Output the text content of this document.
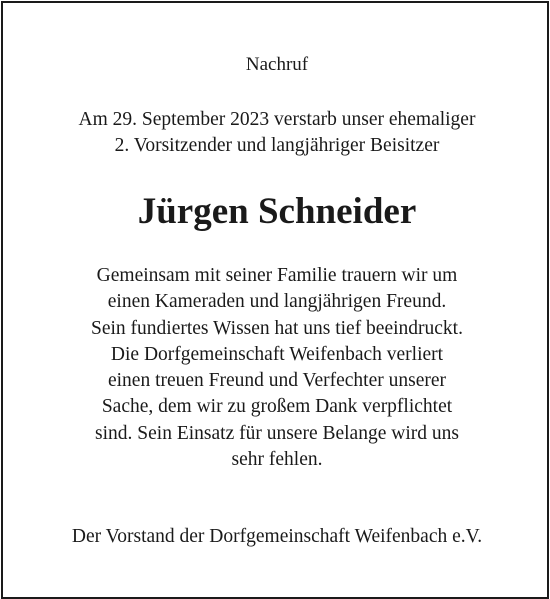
Nachruf
Am 29. September 2023 verstarb unser ehemaliger
2. Vorsitzender und langjähriger Beisitzer
Jürgen Schneider
Gemeinsam mit seiner Familie trauern wir um
einen Kameraden und langjährigen Freund.
Sein fundiertes Wissen hat uns tief beeindruckt.
Die Dorfgemeinschaft Weifenbach verliert
einen treuen Freund und Verfechter unserer
Sache, dem wir zu großem Dank verpflichtet
sind. Sein Einsatz für unsere Belange wird uns
sehr fehlen.
Der Vorstand der Dorfgemeinschaft Weifenbach e.V.
